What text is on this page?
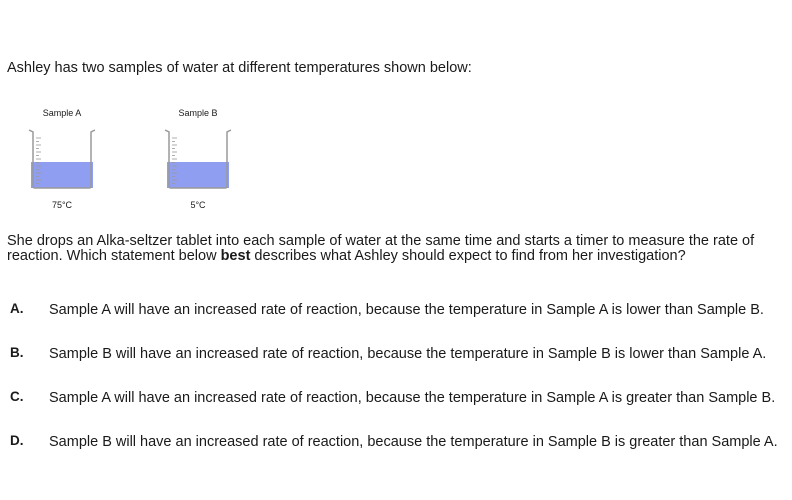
Ashley has two samples of water at different temperatures shown below:

Sample A
75°C
Sample B
5°C

She drops an Alka-seltzer tablet into each sample of water at the same time and starts a timer to measure the rate of reaction. Which statement below best describes what Ashley should expect to find from her investigation?

A. Sample A will have an increased rate of reaction, because the temperature in Sample A is lower than Sample B.
B. Sample B will have an increased rate of reaction, because the temperature in Sample B is lower than Sample A.
C. Sample A will have an increased rate of reaction, because the temperature in Sample A is greater than Sample B.
D. Sample B will have an increased rate of reaction, because the temperature in Sample B is greater than Sample A.
